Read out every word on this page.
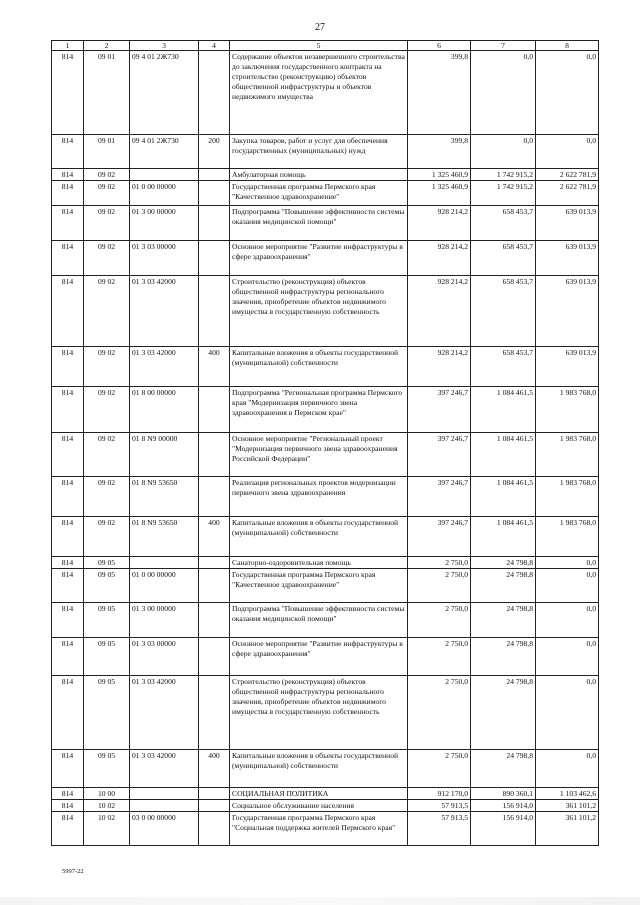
27
1	2	3	4	5	6	7	8
814	09 01	09 4 01 2Ж730		Содержание объектов незавершенного строительства до заключения государственного контракта на строительство (реконструкцию) объектов общественной инфраструктуры и объектов недвижимого имущества	399,8	0,0	0,0
814	09 01	09 4 01 2Ж730	200	Закупка товаров, работ и услуг для обеспечения государственных (муниципальных) нужд	399,8	0,0	0,0
814	09 02			Амбулаторная помощь	1 325 460,9	1 742 915,2	2 622 781,9
814	09 02	01 0 00 00000		Государственная программа Пермского края "Качественное здравоохранение"	1 325 460,9	1 742 915,2	2 622 781,9
814	09 02	01 3 00 00000		Подпрограмма "Повышение эффективности системы оказания медицинской помощи"	928 214,2	658 453,7	639 013,9
814	09 02	01 3 03 00000		Основное мероприятие "Развитие инфраструктуры в сфере здравоохранения"	928 214,2	658 453,7	639 013,9
814	09 02	01 3 03 42000		Строительство (реконструкция) объектов общественной инфраструктуры регионального значения, приобретение объектов недвижимого имущества в государственную собственность	928 214,2	658 453,7	639 013,9
814	09 02	01 3 03 42000	400	Капитальные вложения в объекты государственной (муниципальной) собственности	928 214,2	658 453,7	639 013,9
814	09 02	01 8 00 00000		Подпрограмма "Региональная программа Пермского края "Модернизация первичного звена здравоохранения в Пермском крае"	397 246,7	1 084 461,5	1 983 768,0
814	09 02	01 8 N9 00000		Основное мероприятие "Региональный проект "Модернизация первичного звена здравоохранения Российской Федерации"	397 246,7	1 084 461,5	1 983 768,0
814	09 02	01 8 N9 53650		Реализация региональных проектов модернизации первичного звена здравоохранения	397 246,7	1 084 461,5	1 983 768,0
814	09 02	01 8 N9 53650	400	Капитальные вложения в объекты государственной (муниципальной) собственности	397 246,7	1 084 461,5	1 983 768,0
814	09 05			Санаторно-оздоровительная помощь	2 750,0	24 798,8	0,0
814	09 05	01 0 00 00000		Государственная программа Пермского края "Качественное здравоохранение"	2 750,0	24 798,8	0,0
814	09 05	01 3 00 00000		Подпрограмма "Повышение эффективности системы оказания медицинской помощи"	2 750,0	24 798,8	0,0
814	09 05	01 3 03 00000		Основное мероприятие "Развитие инфраструктуры в сфере здравоохранения"	2 750,0	24 798,8	0,0
814	09 05	01 3 03 42000		Строительство (реконструкция) объектов общественной инфраструктуры регионального значения, приобретение объектов недвижимого имущества в государственную собственность	2 750,0	24 798,8	0,0
814	09 05	01 3 03 42000	400	Капитальные вложения в объекты государственной (муниципальной) собственности	2 750,0	24 798,8	0,0
814	10 00			СОЦИАЛЬНАЯ ПОЛИТИКА	912 170,0	890 360,1	1 103 462,6
814	10 02			Социальное обслуживание населения	57 913,5	156 914,0	361 101,2
814	10 02	03 0 00 00000		Государственная программа Пермского края "Социальная поддержка жителей Пермского края"	57 913,5	156 914,0	361 101,2
5997-22
